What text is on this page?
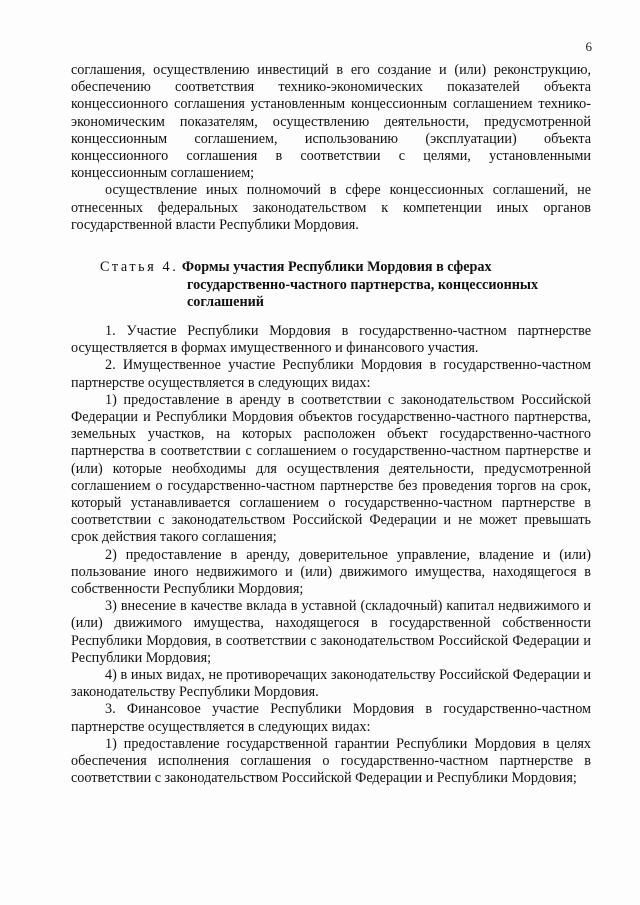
6

соглашения, осуществлению инвестиций в его создание и (или) реконструкцию, обеспечению соответствия технико-экономических показателей объекта концессионного соглашения установленным концессионным соглашением технико-экономическим показателям, осуществлению деятельности, предусмотренной концессионным соглашением, использованию (эксплуатации) объекта концессионного соглашения в соответствии с целями, установленными концессионным соглашением;

осуществление иных полномочий в сфере концессионных соглашений, не отнесенных федеральных законодательством к компетенции иных органов государственной власти Республики Мордовия.

Статья 4. Формы участия Республики Мордовия в сферах
государственно-частного партнерства, концессионных
соглашений

1. Участие Республики Мордовия в государственно-частном партнерстве осуществляется в формах имущественного и финансового участия.

2. Имущественное участие Республики Мордовия в государственно-частном партнерстве осуществляется в следующих видах:

1) предоставление в аренду в соответствии с законодательством Российской Федерации и Республики Мордовия объектов государственно-частного партнерства, земельных участков, на которых расположен объект государственно-частного партнерства в соответствии с соглашением о государственно-частном партнерстве и (или) которые необходимы для осуществления деятельности, предусмотренной соглашением о государственно-частном партнерстве без проведения торгов на срок, который устанавливается соглашением о государственно-частном партнерстве в соответствии с законодательством Российской Федерации и не может превышать срок действия такого соглашения;

2) предоставление в аренду, доверительное управление, владение и (или) пользование иного недвижимого и (или) движимого имущества, находящегося в собственности Республики Мордовия;

3) внесение в качестве вклада в уставной (складочный) капитал недвижимого и (или) движимого имущества, находящегося в государственной собственности Республики Мордовия, в соответствии с законодательством Российской Федерации и Республики Мордовия;

4) в иных видах, не противоречащих законодательству Российской Федерации и законодательству Республики Мордовия.

3. Финансовое участие Республики Мордовия в государственно-частном партнерстве осуществляется в следующих видах:

1) предоставление государственной гарантии Республики Мордовия в целях обеспечения исполнения соглашения о государственно-частном партнерстве в соответствии с законодательством Российской Федерации и Республики Мордовия;
